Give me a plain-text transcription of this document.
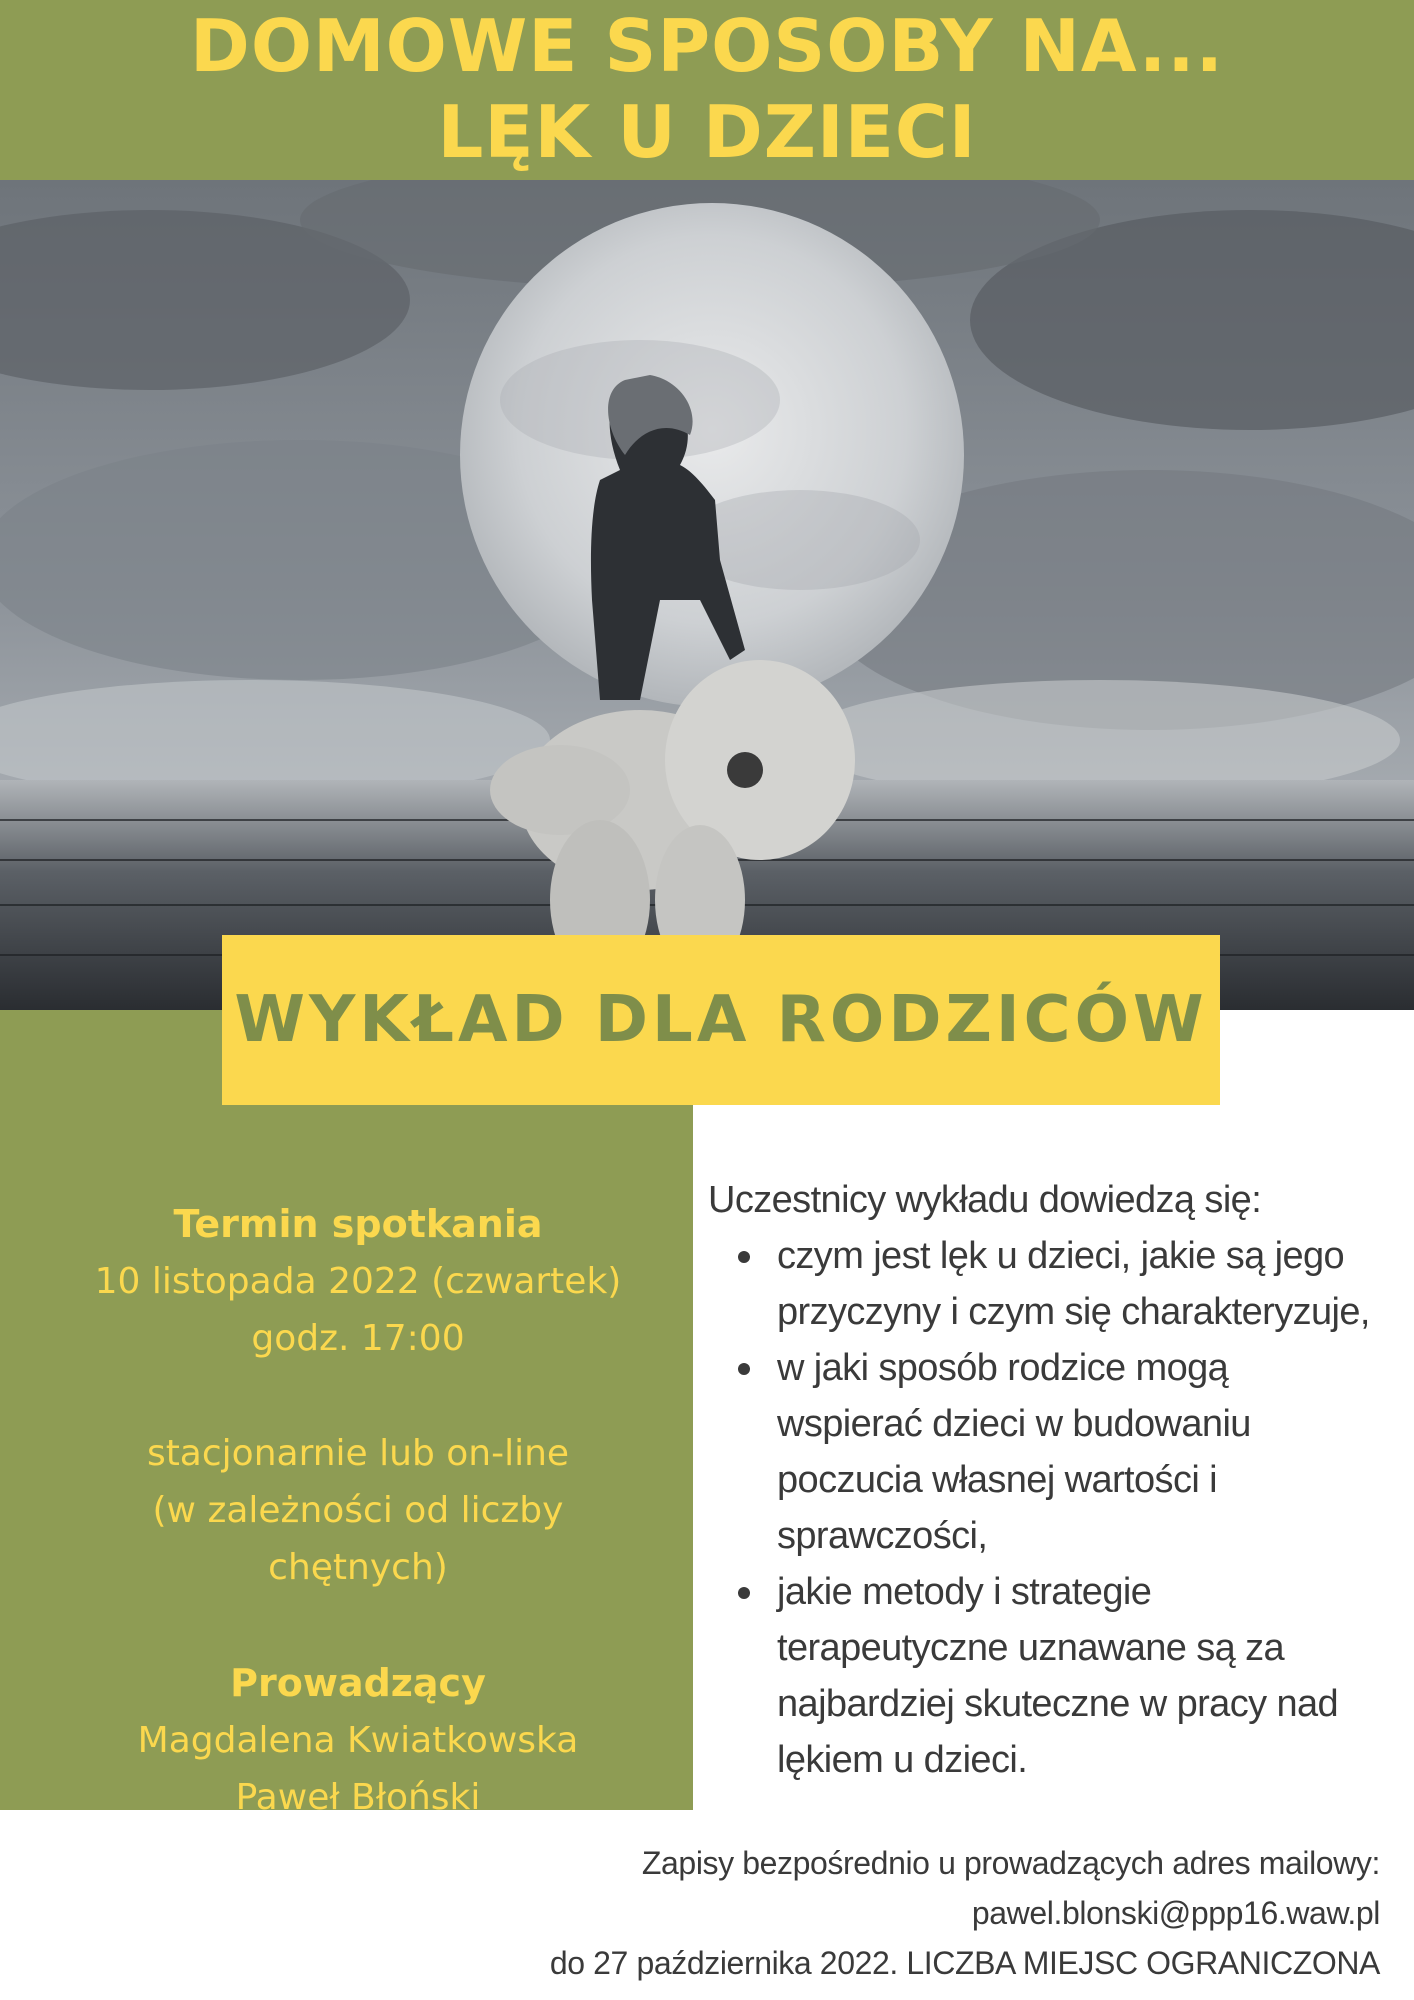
DOMOWE SPOSOBY NA...
LĘK U DZIECI
WYKŁAD DLA RODZICÓW
Termin spotkania
10 listopada 2022 (czwartek)
godz. 17:00
stacjonarnie lub on-line
(w zależności od liczby
chętnych)
Prowadzący
Magdalena Kwiatkowska
Paweł Błoński

Uczestnicy wykładu dowiedzą się:

czym jest lęk u dzieci, jakie są jego
przyczyny i czym się charakteryzuje,
w jaki sposób rodzice mogą
wspierać dzieci w budowaniu
poczucia własnej wartości i
sprawczości,
jakie metody i strategie
terapeutyczne uznawane są za
najbardziej skuteczne w pracy nad
lękiem u dzieci.
Zapisy bezpośrednio u prowadzących adres mailowy:
pawel.blonski@ppp16.waw.pl
do 27 października 2022. LICZBA MIEJSC OGRANICZONA
